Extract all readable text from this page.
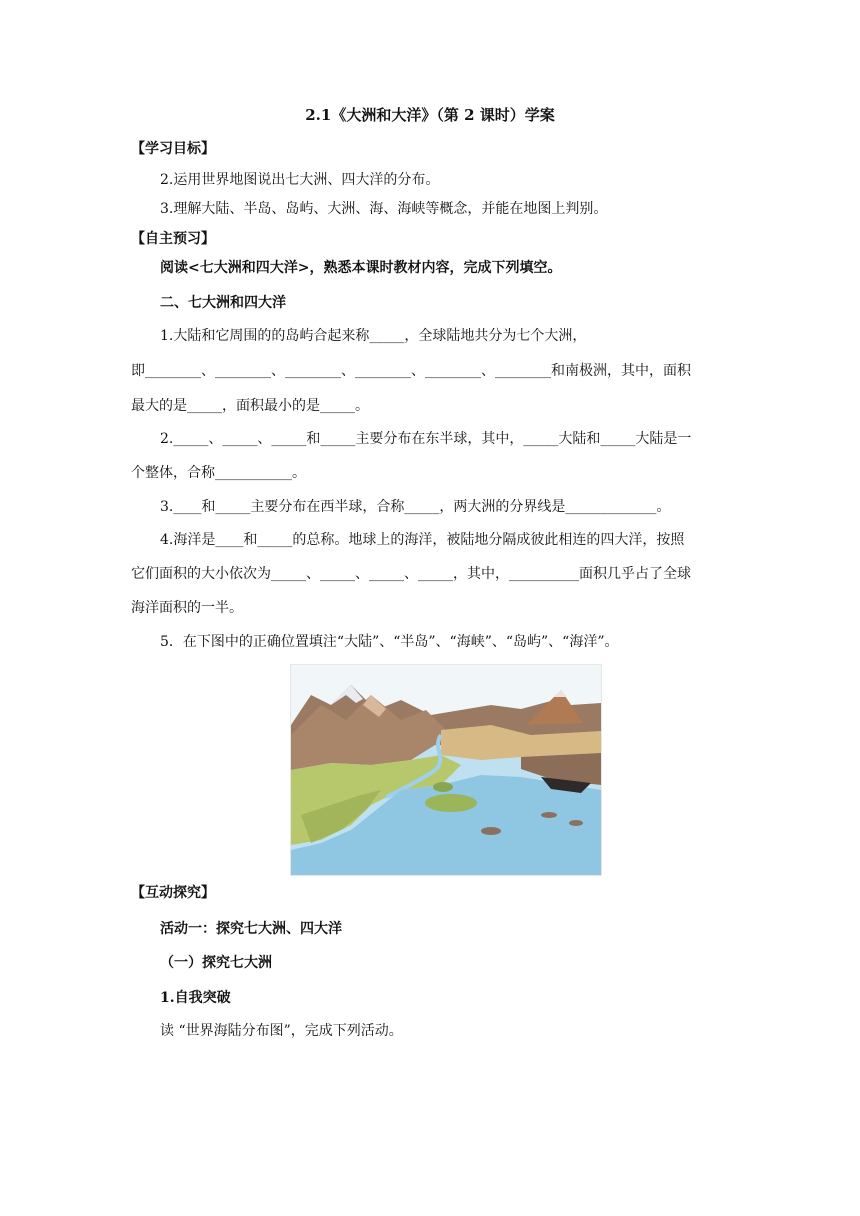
2.1《大洲和大洋》（第 2 课时）学案
【学习目标】
2.运用世界地图说出七大洲、四大洋的分布。
3.理解大陆、半岛、岛屿、大洲、海、海峡等概念，并能在地图上判别。
【自主预习】
阅读<七大洲和四大洋>，熟悉本课时教材内容，完成下列填空。
二、七大洲和四大洋
1.大陆和它周围的的岛屿合起来称_____，全球陆地共分为七个大洲，
即________、________、________、________、________、________和南极洲，其中，面积
最大的是_____，面积最小的是_____。
2._____、_____、_____和_____主要分布在东半球，其中，_____大陆和_____大陆是一
个整体，合称___________。
3.____和_____主要分布在西半球，合称_____，两大洲的分界线是_____________。
4.海洋是____和_____的总称。地球上的海洋，被陆地分隔成彼此相连的四大洋，按照
它们面积的大小依次为_____、_____、_____、_____，其中，__________面积几乎占了全球
海洋面积的一半。
5．在下图中的正确位置填注“大陆”、“半岛”、“海峡”、“岛屿”、“海洋”。
【互动探究】
活动一：探究七大洲、四大洋
（一）探究七大洲
1.自我突破
读 “世界海陆分布图”，完成下列活动。
